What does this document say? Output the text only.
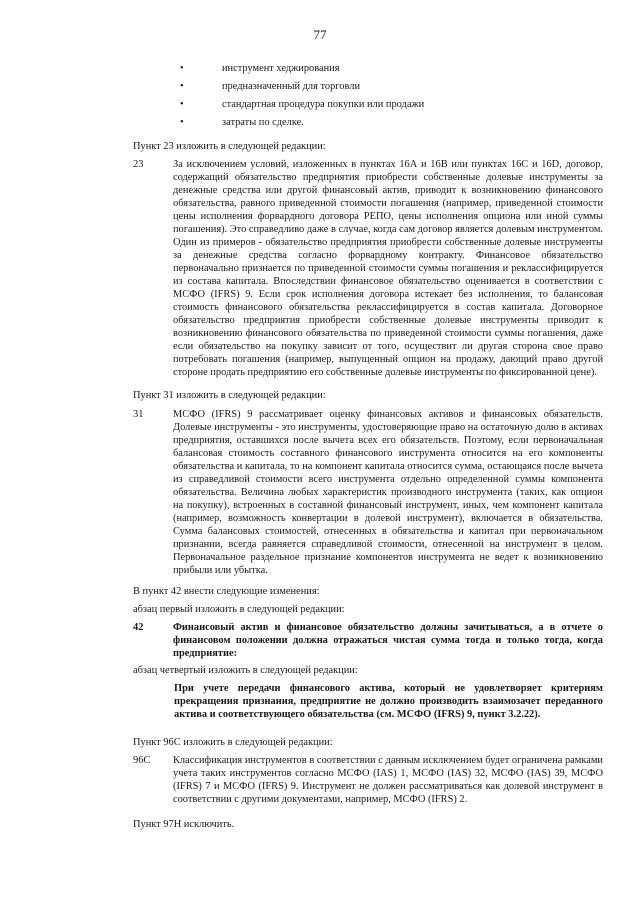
77
•	инструмент хеджирования
•	предназначенный для торговли
•	стандартная процедура покупки или продажи
•	затраты по сделке.
Пункт 23 изложить в следующей редакции:
23	За исключением условий, изложенных в пунктах 16А и 16В или пунктах 16С и 16D, договор, содержащий обязательство предприятия приобрести собственные долевые инструменты за денежные средства или другой финансовый актив, приводит к возникновению финансового обязательства, равного приведенной стоимости погашения (например, приведенной стоимости цены исполнения форвардного договора РЕПО, цены исполнения опциона или иной суммы погашения). Это справедливо даже в случае, когда сам договор является долевым инструментом. Один из примеров - обязательство предприятия приобрести собственные долевые инструменты за денежные средства согласно форвардному контракту. Финансовое обязательство первоначально признается по приведенной стоимости суммы погашения и реклассифицируется из состава капитала. Впоследствии финансовое обязательство оценивается в соответствии с МСФО (IFRS) 9. Если срок исполнения договора истекает без исполнения, то балансовая стоимость финансового обязательства реклассифицируется в состав капитала. Договорное обязательство предприятия приобрести собственные долевые инструменты приводит к возникновению финансового обязательства по приведенной стоимости суммы погашения, даже если обязательство на покупку зависит от того, осуществит ли другая сторона свое право потребовать погашения (например, выпущенный опцион на продажу, дающий право другой стороне продать предприятию его собственные долевые инструменты по фиксированной цене).
Пункт 31 изложить в следующей редакции:
31	МСФО (IFRS) 9 рассматривает оценку финансовых активов и финансовых обязательств. Долевые инструменты - это инструменты, удостоверяющие право на остаточную долю в активах предприятия, оставшихся после вычета всех его обязательств. Поэтому, если первоначальная балансовая стоимость составного финансового инструмента относится на его компоненты обязательства и капитала, то на компонент капитала относится сумма, остающаяся после вычета из справедливой стоимости всего инструмента отдельно определенной суммы компонента обязательства. Величина любых характеристик производного инструмента (таких, как опцион на покупку), встроенных в составной финансовый инструмент, иных, чем компонент капитала (например, возможность конвертации в долевой инструмент), включается в обязательства. Сумма балансовых стоимостей, отнесенных в обязательства и капитал при первоначальном признании, всегда равняется справедливой стоимости, отнесенной на инструмент в целом. Первоначальное раздельное признание компонентов инструмента не ведет к возникновению прибыли или убытка.
В пункт 42 внести следующие изменения:
абзац первый изложить в следующей редакции:
42	Финансовый актив и финансовое обязательство должны зачитываться, а в отчете о финансовом положении должна отражаться чистая сумма тогда и только тогда, когда предприятие:
абзац четвертый изложить в следующей редакции:
При учете передачи финансового актива, который не удовлетворяет критериям прекращения признания, предприятие не должно производить взаимозачет переданного актива и соответствующего обязательства (см. МСФО (IFRS) 9, пункт 3.2.22).
Пункт 96С изложить в следующей редакции:
96С	Классификация инструментов в соответствии с данным исключением будет ограничена рамками учета таких инструментов согласно МСФО (IAS) 1, МСФО (IAS) 32, МСФО (IAS) 39, МСФО (IFRS) 7 и МСФО (IFRS) 9. Инструмент не должен рассматриваться как долевой инструмент в соответствии с другими документами, например, МСФО (IFRS) 2.
Пункт 97Н исключить.
